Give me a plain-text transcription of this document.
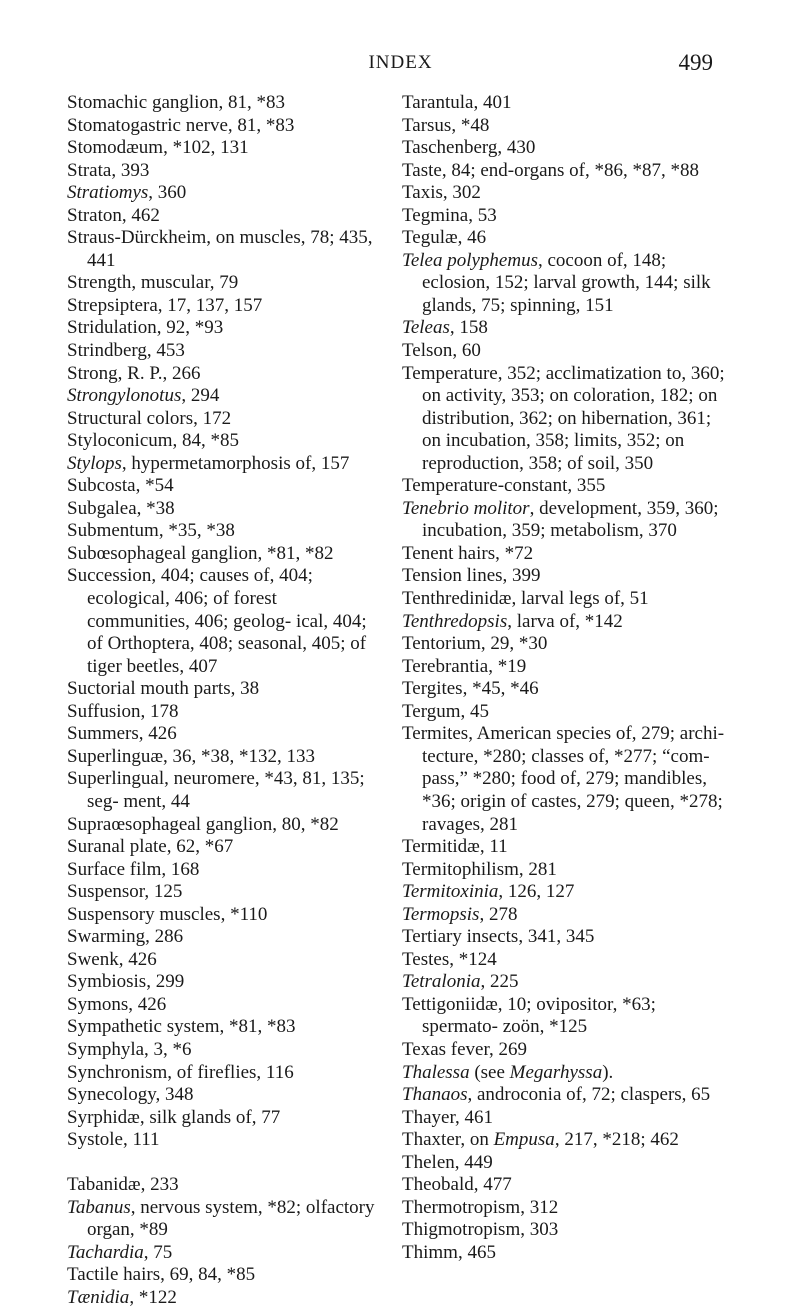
INDEX	499
Stomachic ganglion, 81, *83
Stomatogastric nerve, 81, *83
Stomodæum, *102, 131
Strata, 393
Stratiomys, 360
Straton, 462
Straus-Dürckheim, on muscles, 78; 435, 441
Strength, muscular, 79
Strepsiptera, 17, 137, 157
Stridulation, 92, *93
Strindberg, 453
Strong, R. P., 266
Strongylonotus, 294
Structural colors, 172
Styloconicum, 84, *85
Stylops, hypermetamorphosis of, 157
Subcosta, *54
Subgalea, *38
Submentum, *35, *38
Subœsophageal ganglion, *81, *82
Succession, 404; causes of, 404; ecological, 406; of forest communities, 406; geolog- ical, 404; of Orthoptera, 408; seasonal, 405; of tiger beetles, 407
Suctorial mouth parts, 38
Suffusion, 178
Summers, 426
Superlinguæ, 36, *38, *132, 133
Superlingual, neuromere, *43, 81, 135; seg- ment, 44
Supraœsophageal ganglion, 80, *82
Suranal plate, 62, *67
Surface film, 168
Suspensor, 125
Suspensory muscles, *110
Swarming, 286
Swenk, 426
Symbiosis, 299
Symons, 426
Sympathetic system, *81, *83
Symphyla, 3, *6
Synchronism, of fireflies, 116
Synecology, 348
Syrphidæ, silk glands of, 77
Systole, 111
Tabanidæ, 233
Tabanus, nervous system, *82; olfactory organ, *89
Tachardia, 75
Tactile hairs, 69, 84, *85
Tænidia, *122
Tarantula, 401
Tarsus, *48
Taschenberg, 430
Taste, 84; end-organs of, *86, *87, *88
Taxis, 302
Tegmina, 53
Tegulæ, 46
Telea polyphemus, cocoon of, 148; eclosion, 152; larval growth, 144; silk glands, 75; spinning, 151
Teleas, 158
Telson, 60
Temperature, 352; acclimatization to, 360; on activity, 353; on coloration, 182; on distribution, 362; on hibernation, 361; on incubation, 358; limits, 352; on reproduction, 358; of soil, 350
Temperature-constant, 355
Tenebrio molitor, development, 359, 360; incubation, 359; metabolism, 370
Tenent hairs, *72
Tension lines, 399
Tenthredinidæ, larval legs of, 51
Tenthredopsis, larva of, *142
Tentorium, 29, *30
Terebrantia, *19
Tergites, *45, *46
Tergum, 45
Termites, American species of, 279; archi- tecture, *280; classes of, *277; “com- pass,” *280; food of, 279; mandibles, *36; origin of castes, 279; queen, *278; ravages, 281
Termitidæ, 11
Termitophilism, 281
Termitoxinia, 126, 127
Termopsis, 278
Tertiary insects, 341, 345
Testes, *124
Tetralonia, 225
Tettigoniidæ, 10; ovipositor, *63; spermato- zoön, *125
Texas fever, 269
Thalessa (see Megarhyssa).
Thanaos, androconia of, 72; claspers, 65
Thayer, 461
Thaxter, on Empusa, 217, *218; 462
Thelen, 449
Theobald, 477
Thermotropism, 312
Thigmotropism, 303
Thimm, 465
